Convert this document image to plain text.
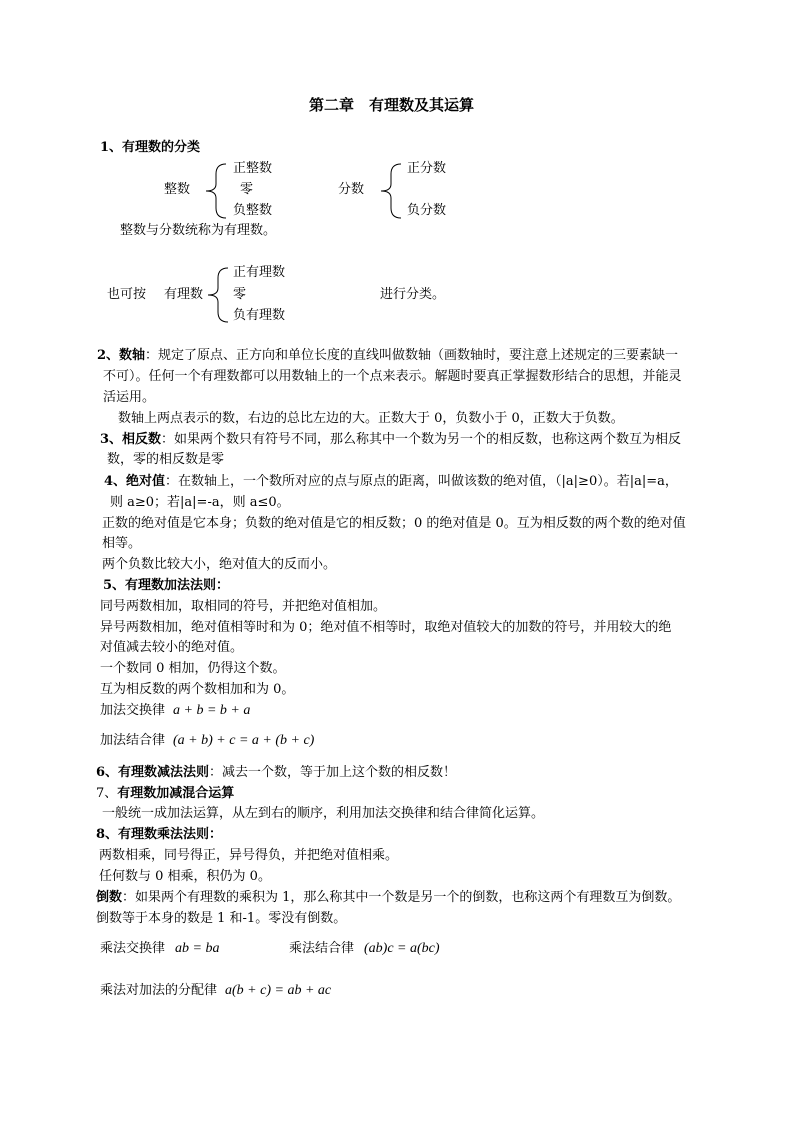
第二章　有理数及其运算
1、有理数的分类
整数
正整数
零
负整数
分数
正分数
负分数
整数与分数统称为有理数。
也可按 有理数
正有理数
零
负有理数
进行分类。
2、数轴：规定了原点、正方向和单位长度的直线叫做数轴（画数轴时，要注意上述规定的三要素缺一
不可）。任何一个有理数都可以用数轴上的一个点来表示。解题时要真正掌握数形结合的思想，并能灵
活运用。
数轴上两点表示的数，右边的总比左边的大。正数大于 0，负数小于 0，正数大于负数。
3、相反数：如果两个数只有符号不同，那么称其中一个数为另一个的相反数，也称这两个数互为相反
数，零的相反数是零
4、绝对值：在数轴上，一个数所对应的点与原点的距离，叫做该数的绝对值，（|a|≥0）。若|a|=a，
则 a≥0；若|a|=-a，则 a≤0。
正数的绝对值是它本身；负数的绝对值是它的相反数；0 的绝对值是 0。互为相反数的两个数的绝对值
相等。
两个负数比较大小，绝对值大的反而小。
5、有理数加法法则：
同号两数相加，取相同的符号，并把绝对值相加。
异号两数相加，绝对值相等时和为 0；绝对值不相等时，取绝对值较大的加数的符号，并用较大的绝
对值减去较小的绝对值。
一个数同 0 相加，仍得这个数。
互为相反数的两个数相加和为 0。
加法交换律 a + b = b + a
加法结合律 (a + b) + c = a + (b + c)
6、有理数减法法则：减去一个数，等于加上这个数的相反数！
7、有理数加减混合运算
一般统一成加法运算，从左到右的顺序，利用加法交换律和结合律简化运算。
8、有理数乘法法则：
两数相乘，同号得正，异号得负，并把绝对值相乘。
任何数与 0 相乘，积仍为 0。
倒数：如果两个有理数的乘积为 1，那么称其中一个数是另一个的倒数，也称这两个有理数互为倒数。
倒数等于本身的数是 1 和-1。零没有倒数。
乘法交换律 ab = ba	乘法结合律 (ab)c = a(bc)
乘法对加法的分配律 a(b + c) = ab + ac
